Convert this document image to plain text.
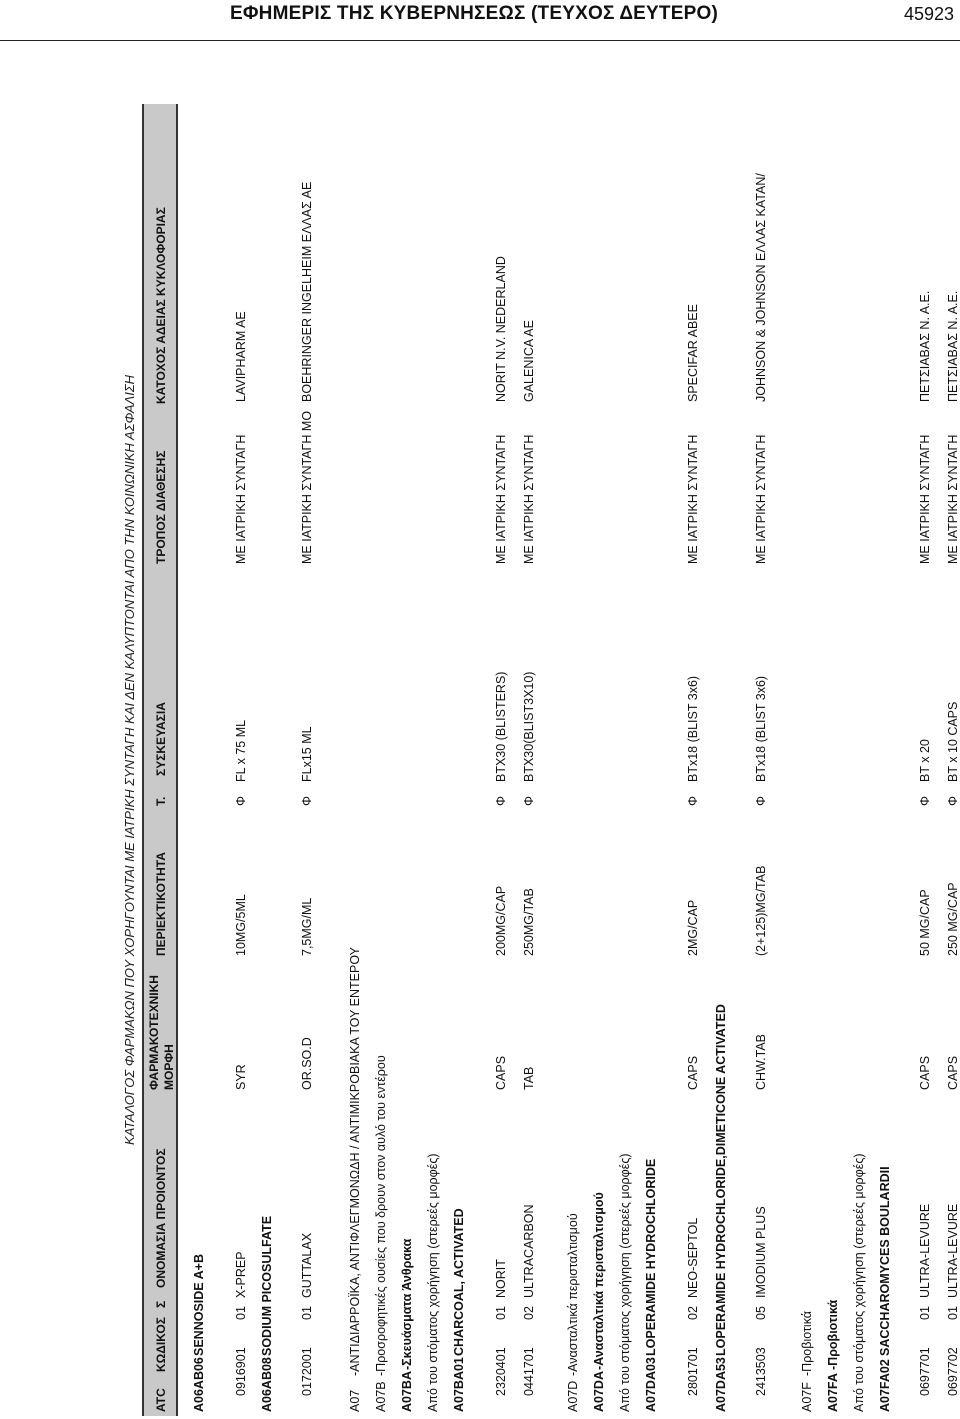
ΕΦΗΜΕΡΙΣ ΤΗΣ ΚΥΒΕΡΝΗΣΕΩΣ (ΤΕΥΧΟΣ ΔΕΥΤΕΡΟ)	45923
ΚΑΤΑΛΟΓΟΣ ΦΑΡΜΑΚΩΝ ΠΟΥ ΧΟΡΗΓΟΥΝΤΑΙ ΜΕ ΙΑΤΡΙΚΗ ΣΥΝΤΑΓΗ ΚΑΙ ΔΕΝ ΚΑΛΥΠΤΟΝΤΑΙ ΑΠΟ ΤΗΝ ΚΟΙΝΩΝΙΚΗ ΑΣΦΑΛΙΣΗ
ATC
ΚΩΔΙΚΟΣ
Σ
ΟΝΟΜΑΣΙΑ ΠΡΟΙΟΝΤΟΣ
ΦΑΡΜΑΚΟΤΕΧΝΙΚΗ ΜΟΡΦΗ
ΠΕΡΙΕΚΤΙΚΟΤΗΤΑ
Τ.
ΣΥΣΚΕΥΑΣΙΑ
ΤΡΟΠΟΣ ΔΙΑΘΕΣΗΣ
ΚΑΤΟΧΟΣ ΑΔΕΙΑΣ ΚΥΚΛΟΦΟΡΙΑΣ
A06AB06
SENNOSIDE A+B
0916901
01
X-PREP
SYR
10MG/5ML
Φ
FL x 75 ML
ΜΕ ΙΑΤΡΙΚΗ ΣΥΝΤΑΓΗ
LAVIPHARM AE
A06AB08
SODIUM PICOSULFATE
0172001
01
GUTTALAX
OR.SO.D
7,5MG/ML
Φ
FLx15 ML
ΜΕ ΙΑΤΡΙΚΗ ΣΥΝΤΑΓΗ ΜΟ
BOEHRINGER INGELHEIM ΕΛΛΑΣ ΑΕ
A07
-ΑΝΤΙΔΙΑΡΡΟΪΚΑ, ΑΝΤΙΦΛΕΓΜΟΝΩΔΗ / ΑΝΤΙΜΙΚΡΟΒΙΑΚΑ ΤΟΥ ΕΝΤΕΡΟΥ
A07B
-Προσροφητικές ουσίες που δρουν στον αυλό του εντέρου
A07BA
-Σκευάσματα Άνθρακα Από του στόματος χορήγηση (στερεές μορφές) A07BA01
CHARCOAL, ACTIVATED
2320401
01
NORIT
CAPS
200MG/CAP
Φ
BTX30 (BLISTERS)
ΜΕ ΙΑΤΡΙΚΗ ΣΥΝΤΑΓΗ
NORIT N.V. NEDERLAND
0441701
02
ULTRACARBON
TAB
250MG/TAB
Φ
BTX30(BLIST3X10)
ΜΕ ΙΑΤΡΙΚΗ ΣΥΝΤΑΓΗ
GALENICA AE
A07D
-Ανασταλτικά περισταλτισμού
A07DA
-Ανασταλτικά περισταλτισμού Από του στόματος χορήγηση (στερεές μορφές) A07DA03
LOPERAMIDE HYDROCHLORIDE
2801701
02
NEO-SEPTOL
CAPS
2MG/CAP
Φ
BTx18 (BLIST 3x6)
ΜΕ ΙΑΤΡΙΚΗ ΣΥΝΤΑΓΗ
SPECIFAR ABEE
A07DA53
LOPERAMIDE HYDROCHLORIDE,DIMETICONE ACTIVATED
2413503
05
IMODIUM PLUS
CHW.TAB
(2+125)MG/TAB
Φ
BTx18 (BLIST 3x6)
ΜΕ ΙΑΤΡΙΚΗ ΣΥΝΤΑΓΗ
JOHNSON & JOHNSON ΕΛΛΑΣ ΚΑΤΑΝ/
A07F
-Προβιοτικά
A07FA
-Προβιοτικά Από του στόματος χορήγηση (στερεές μορφές) A07FA02
SACCHAROMYCES BOULARDII
0697701
01
ULTRA-LEVURE
CAPS
50 MG/CAP
Φ
BT x 20
ΜΕ ΙΑΤΡΙΚΗ ΣΥΝΤΑΓΗ
ΠΕΤΣΙΑΒΑΣ Ν. Α.Ε.
0697702
01
ULTRA-LEVURE
CAPS
250 MG/CAP
Φ
BT x 10 CAPS
ΜΕ ΙΑΤΡΙΚΗ ΣΥΝΤΑΓΗ
ΠΕΤΣΙΑΒΑΣ Ν. Α.Ε.
